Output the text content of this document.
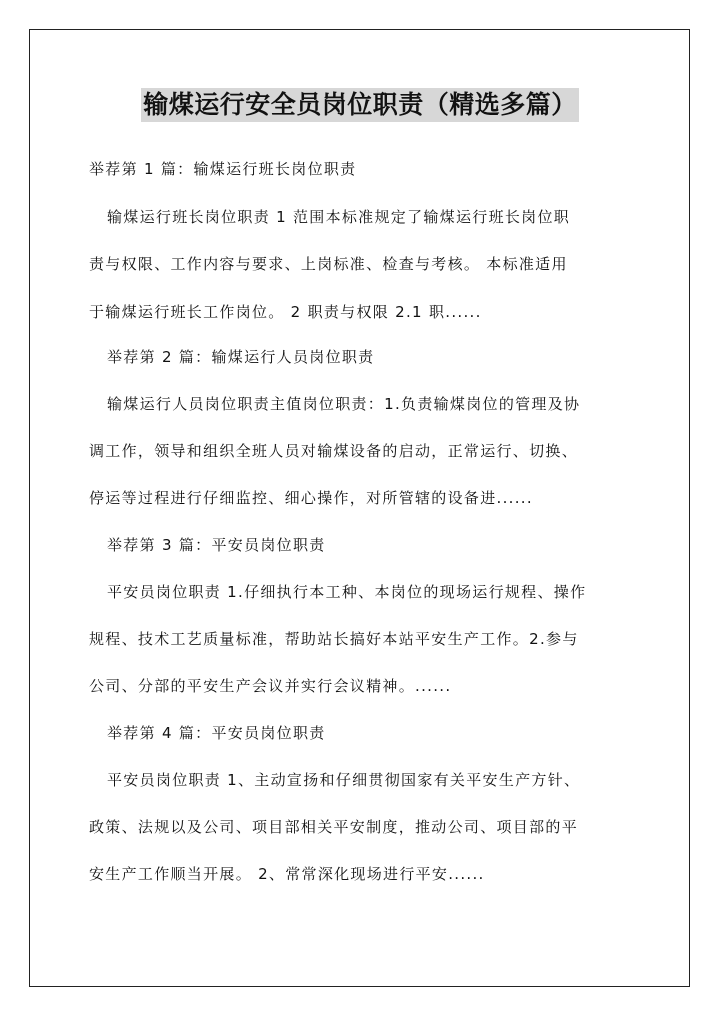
输煤运行安全员岗位职责（精选多篇）
举荐第 1 篇：输煤运行班长岗位职责
输煤运行班长岗位职责 1 范围本标准规定了输煤运行班长岗位职
责与权限、工作内容与要求、上岗标准、检查与考核。 本标准适用
于输煤运行班长工作岗位。 2 职责与权限 2.1 职......
举荐第 2 篇：输煤运行人员岗位职责
输煤运行人员岗位职责主值岗位职责：1.负责输煤岗位的管理及协
调工作，领导和组织全班人员对输煤设备的启动，正常运行、切换、
停运等过程进行仔细监控、细心操作，对所管辖的设备进......
举荐第 3 篇：平安员岗位职责
平安员岗位职责 1.仔细执行本工种、本岗位的现场运行规程、操作
规程、技术工艺质量标准，帮助站长搞好本站平安生产工作。2.参与
公司、分部的平安生产会议并实行会议精神。......
举荐第 4 篇：平安员岗位职责
平安员岗位职责 1、主动宣扬和仔细贯彻国家有关平安生产方针、
政策、法规以及公司、项目部相关平安制度，推动公司、项目部的平
安生产工作顺当开展。 2、常常深化现场进行平安......
